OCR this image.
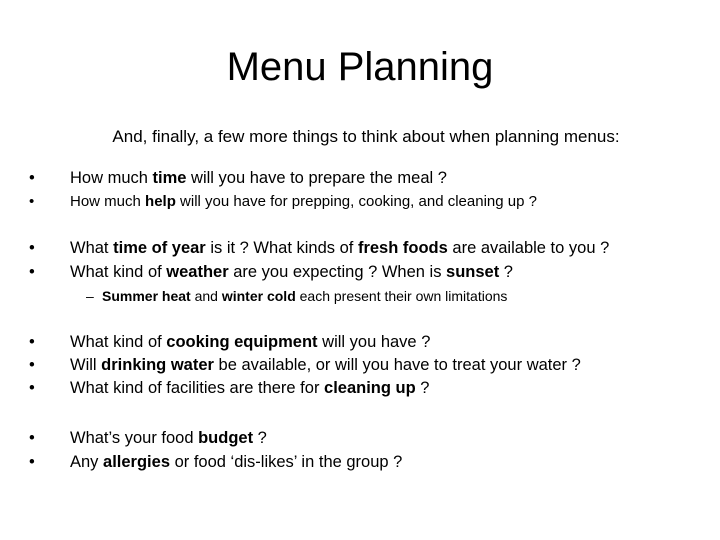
Menu Planning
And, finally, a few more things to think about when planning menus:
• How much time will you have to prepare the meal ?
• How much help will you have for prepping, cooking, and cleaning up ?
• What time of year is it ? What kinds of fresh foods are available to you ?
• What kind of weather are you expecting ? When is sunset ?
– Summer heat and winter cold each present their own limitations
• What kind of cooking equipment will you have ?
• Will drinking water be available, or will you have to treat your water ?
• What kind of facilities are there for cleaning up ?
• What’s your food budget ?
• Any allergies or food ‘dis-likes’ in the group ?
